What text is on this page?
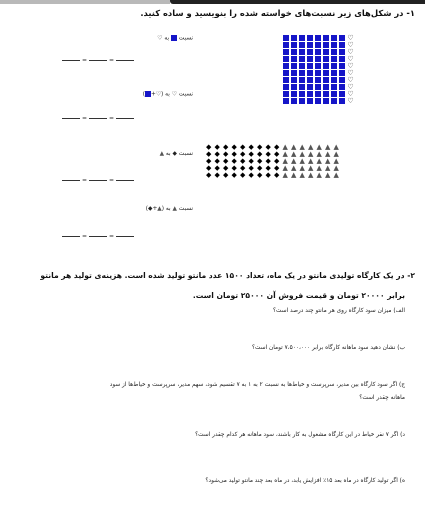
۱- در شکل‌های زیر نسبت‌های خواسته شده را بنویسید و ساده کنید.
♡
♡
♡
♡
♡
♡
♡
♡
♡
♡
نسبت  به ♡
=	=
نسبت ♡ به (♡+)
=	=
◆ ◆ ◆ ◆ ◆ ◆ ◆ ◆ ◆ ▲ ▲ ▲ ▲ ▲ ▲ ▲
◆ ◆ ◆ ◆ ◆ ◆ ◆ ◆ ◆ ▲ ▲ ▲ ▲ ▲ ▲ ▲
◆ ◆ ◆ ◆ ◆ ◆ ◆ ◆ ◆ ▲ ▲ ▲ ▲ ▲ ▲ ▲
◆ ◆ ◆ ◆ ◆ ◆ ◆ ◆ ◆ ▲ ▲ ▲ ▲ ▲ ▲ ▲
◆ ◆ ◆ ◆ ◆ ◆ ◆ ◆ ◆ ▲ ▲ ▲ ▲ ▲ ▲ ▲
نسبت ◆ به ▲
=	=
نسبت ▲ به (▲+◆)
=	=
۲- در یک کارگاه تولیدی مانتو در یک ماه، تعداد ۱۵۰۰ عدد مانتو تولید شده است. هزینه‌ی تولید هر مانتو
برابر ۲۰۰۰۰ تومان و قیمت فروش آن ۲۵۰۰۰ تومان است.
الف) میزان سود کارگاه روی هر مانتو چند درصد است؟
ب) نشان دهید سود ماهانه کارگاه برابر ۷،۵۰۰،۰۰۰ تومان است؟
ج) اگر سود کارگاه بین مدیر، سرپرست و خیاط‌ها به نسبت ۲ به ۱ به ۷ تقسیم شود، سهم مدیر، سرپرست و خیاط‌ها از سود
ماهانه چقدر است؟
د) اگر ۷ نفر خیاط در این کارگاه مشغول به کار باشند، سود ماهانه هر کدام چقدر است؟
ه) اگر تولید کارگاه در ماه بعد ۱۵٪ افزایش یابد، در ماه بعد چند مانتو تولید می‌شود؟
